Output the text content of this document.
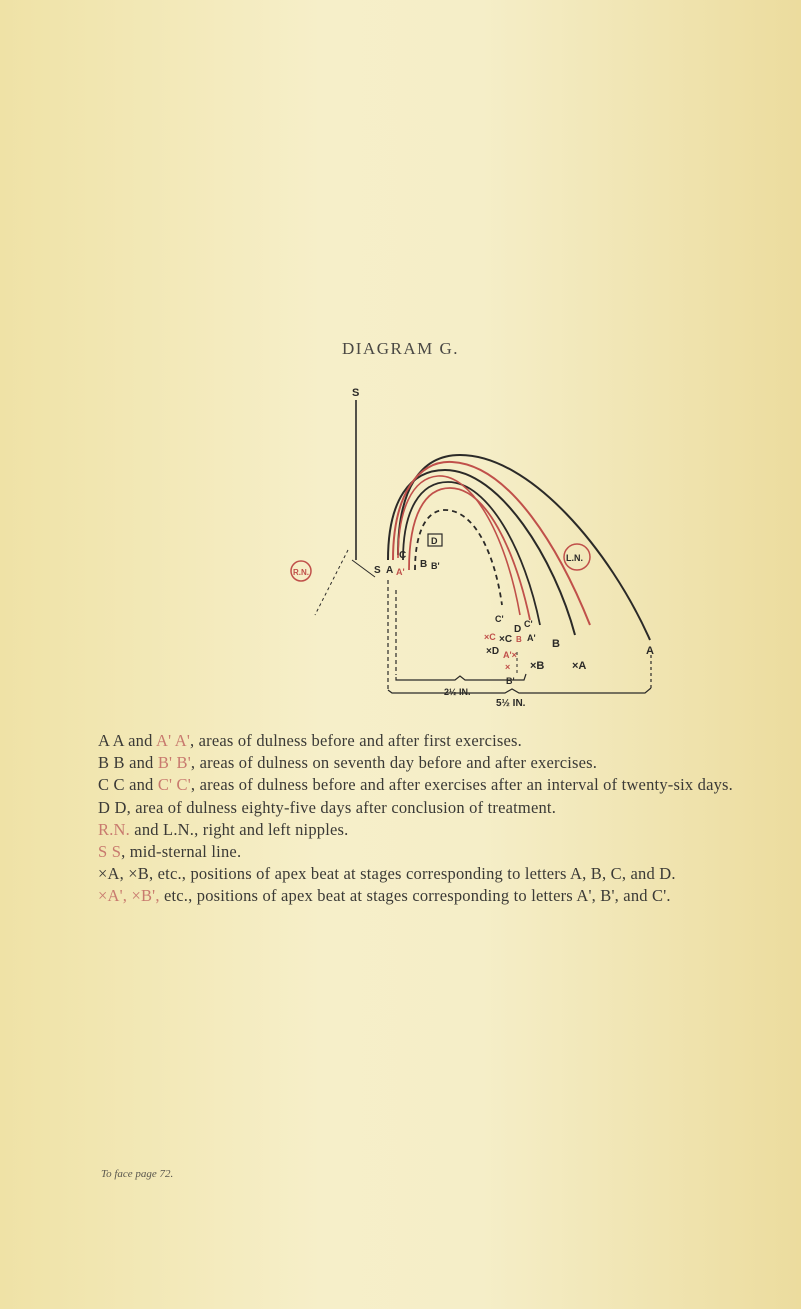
DIAGRAM G.
S
R.N.
L.N.
D
S A A'
B B'
C
C'
×C ×C
D C'
B A'
×D A'×
×
B'
B
×B	×A
A
2½ IN.
5½ IN.
A A and A' A', areas of dulness before and after first exercises.
B B and B' B', areas of dulness on seventh day before and after exercises.
C C and C' C', areas of dulness before and after exercises after an interval of twenty-six days.
D D, area of dulness eighty-five days after conclusion of treatment.
R.N. and L.N., right and left nipples.
S S, mid-sternal line.
×A, ×B, etc., positions of apex beat at stages corresponding to letters A, B, C, and D.
×A', ×B', etc., positions of apex beat at stages corresponding to letters A', B', and C'.
To face page 72.
